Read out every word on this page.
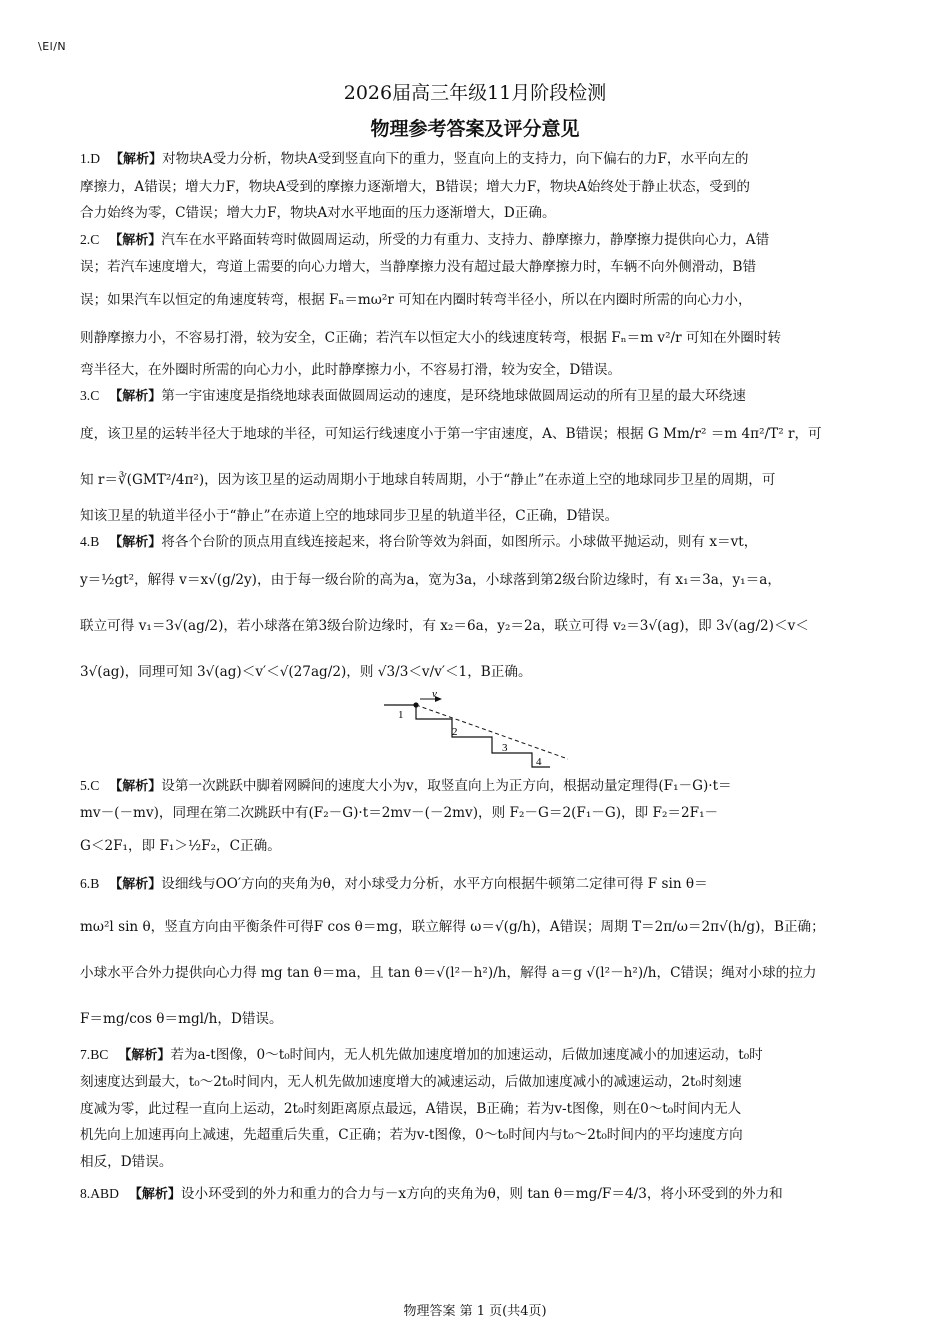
\El/N
2026届高三年级11月阶段检测
物理参考答案及评分意见
1.D 【解析】对物块A受力分析，物块A受到竖直向下的重力，竖直向上的支持力，向下偏右的力F，水平向左的
摩擦力，A错误；增大力F，物块A受到的摩擦力逐渐增大，B错误；增大力F，物块A始终处于静止状态，受到的
合力始终为零，C错误；增大力F，物块A对水平地面的压力逐渐增大，D正确。
2.C 【解析】汽车在水平路面转弯时做圆周运动，所受的力有重力、支持力、静摩擦力，静摩擦力提供向心力，A错
误；若汽车速度增大，弯道上需要的向心力增大，当静摩擦力没有超过最大静摩擦力时，车辆不向外侧滑动，B错
误；如果汽车以恒定的角速度转弯，根据 Fₙ＝mω²r 可知在内圈时转弯半径小，所以在内圈时所需的向心力小，
则静摩擦力小，不容易打滑，较为安全，C正确；若汽车以恒定大小的线速度转弯，根据 Fₙ＝m v²/r 可知在外圈时转
弯半径大，在外圈时所需的向心力小，此时静摩擦力小，不容易打滑，较为安全，D错误。
3.C 【解析】第一宇宙速度是指绕地球表面做圆周运动的速度，是环绕地球做圆周运动的所有卫星的最大环绕速
度，该卫星的运转半径大于地球的半径，可知运行线速度小于第一宇宙速度，A、B错误；根据 G Mm/r² ＝m 4π²/T² r，可
知 r＝∛(GMT²/4π²)，因为该卫星的运动周期小于地球自转周期，小于“静止”在赤道上空的地球同步卫星的周期，可
知该卫星的轨道半径小于“静止”在赤道上空的地球同步卫星的轨道半径，C正确，D错误。
4.B 【解析】将各个台阶的顶点用直线连接起来，将台阶等效为斜面，如图所示。小球做平抛运动，则有 x＝vt，
y＝½gt²，解得 v＝x√(g/2y)，由于每一级台阶的高为a，宽为3a，小球落到第2级台阶边缘时，有 x₁＝3a，y₁＝a，
联立可得 v₁＝3√(ag/2)，若小球落在第3级台阶边缘时，有 x₂＝6a，y₂＝2a，联立可得 v₂＝3√(ag)，即 3√(ag/2)＜v＜
3√(ag)，同理可知 3√(ag)＜v′＜√(27ag/2)，则 √3/3＜v/v′＜1，B正确。
v
1
2
3
4
5.C 【解析】设第一次跳跃中脚着网瞬间的速度大小为v，取竖直向上为正方向，根据动量定理得(F₁－G)·t＝
mv－(－mv)，同理在第二次跳跃中有(F₂－G)·t＝2mv－(－2mv)，则 F₂－G＝2(F₁－G)，即 F₂＝2F₁－
G＜2F₁，即 F₁＞½F₂，C正确。
6.B 【解析】设细线与OO′方向的夹角为θ，对小球受力分析，水平方向根据牛顿第二定律可得 F sin θ＝
mω²l sin θ，竖直方向由平衡条件可得F cos θ＝mg，联立解得 ω＝√(g/h)，A错误；周期 T＝2π/ω＝2π√(h/g)，B正确；
小球水平合外力提供向心力得 mg tan θ＝ma，且 tan θ＝√(l²－h²)/h，解得 a＝g √(l²－h²)/h，C错误；绳对小球的拉力
F＝mg/cos θ＝mgl/h，D错误。
7.BC 【解析】若为a-t图像，0～t₀时间内，无人机先做加速度增加的加速运动，后做加速度减小的加速运动，t₀时
刻速度达到最大，t₀～2t₀时间内，无人机先做加速度增大的减速运动，后做加速度减小的减速运动，2t₀时刻速
度减为零，此过程一直向上运动，2t₀时刻距离原点最远，A错误，B正确；若为v-t图像，则在0～t₀时间内无人
机先向上加速再向上减速，先超重后失重，C正确；若为v-t图像，0～t₀时间内与t₀～2t₀时间内的平均速度方向
相反，D错误。
8.ABD 【解析】设小环受到的外力和重力的合力与－x方向的夹角为θ，则 tan θ＝mg/F＝4/3，将小环受到的外力和
物理答案 第 1 页(共4页)
